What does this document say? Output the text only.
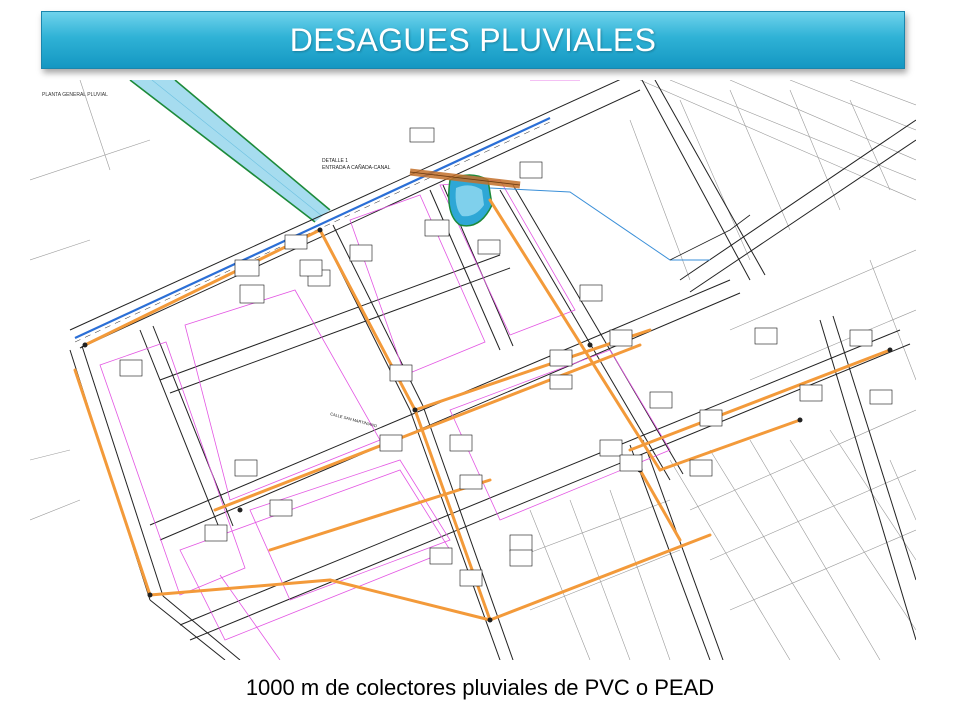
DESAGUES PLUVIALES
PLANTA GENERAL PLUVIAL
DETALLE 1
ENTRADA A CAÑADA-CANAL
CALLE SAN MARTINIANO
1000 m de colectores pluviales de PVC o PEAD
